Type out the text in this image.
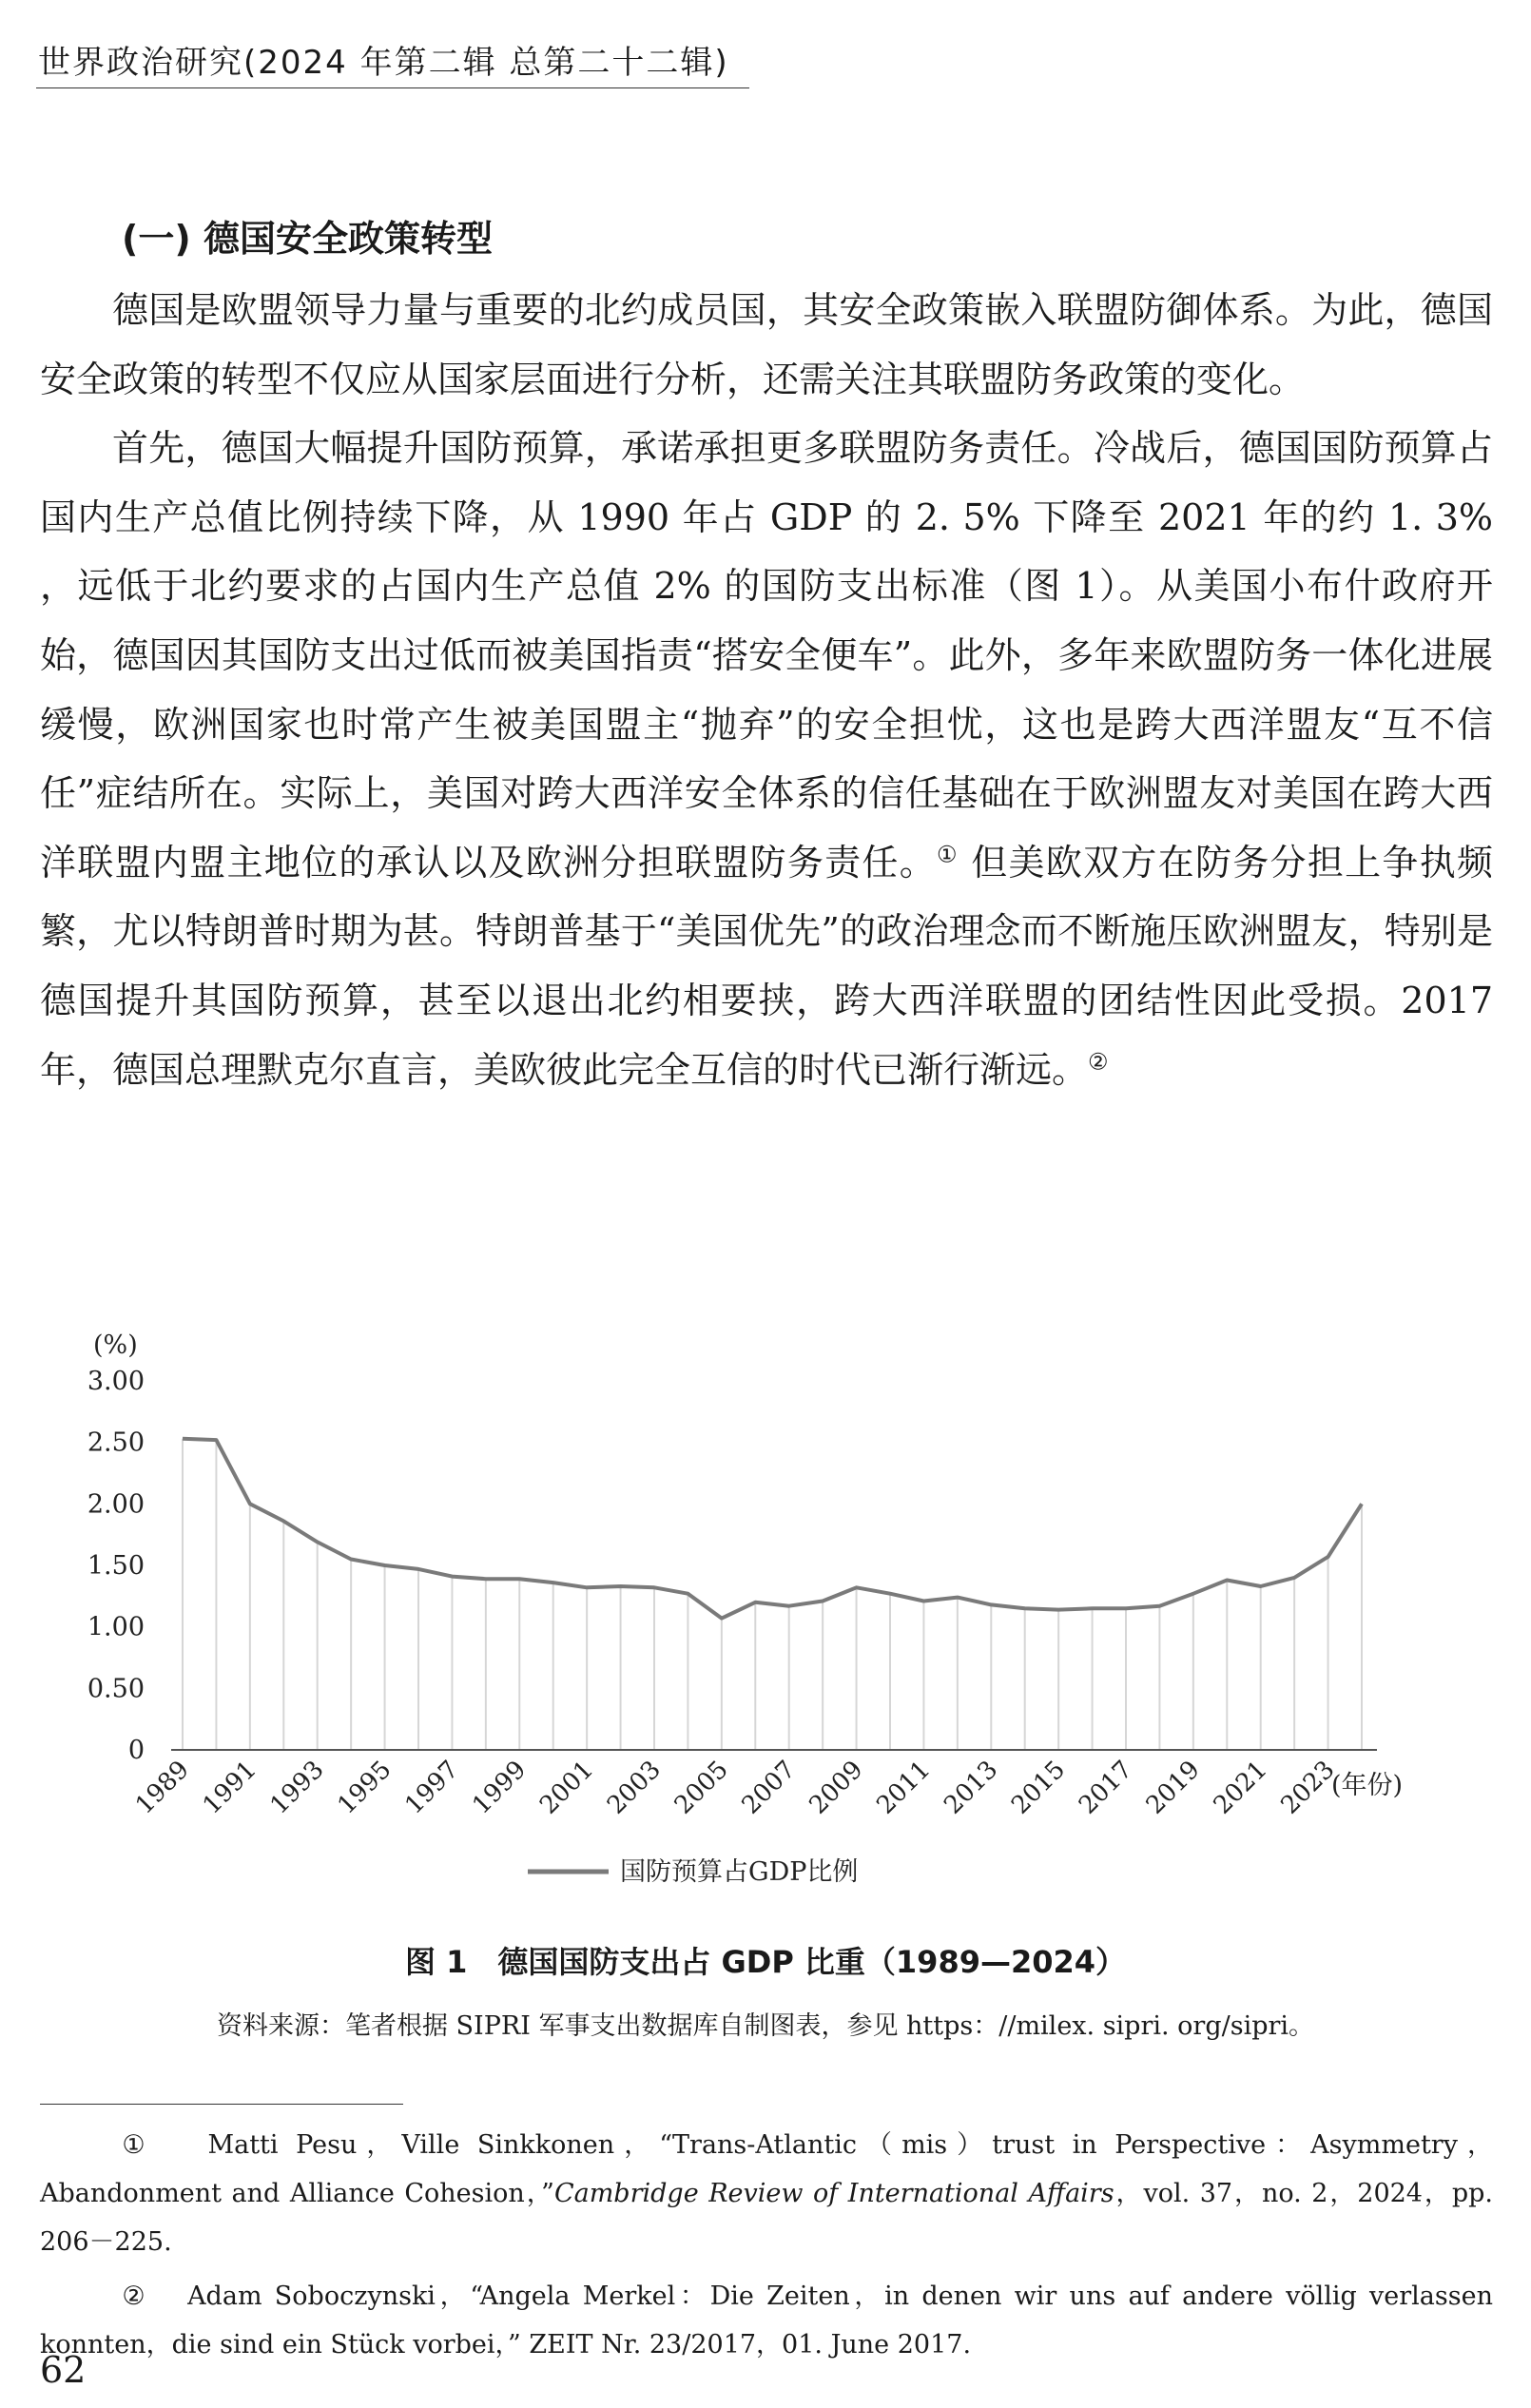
世界政治研究(2024 年第二辑 总第二十二辑)
(一) 德国安全政策转型

德国是欧盟领导力量与重要的北约成员国，其安全政策嵌入联盟防御体系。为此，德国安全政策的转型不仅应从国家层面进行分析，还需关注其联盟防务政策的变化。

首先，德国大幅提升国防预算，承诺承担更多联盟防务责任。冷战后，德国国防预算占国内生产总值比例持续下降，从 1990 年占 GDP 的 2. 5% 下降至 2021 年的约 1. 3% ，远低于北约要求的占国内生产总值 2% 的国防支出标准（图 1）。从美国小布什政府开始，德国因其国防支出过低而被美国指责“搭安全便车”。此外，多年来欧盟防务一体化进展缓慢，欧洲国家也时常产生被美国盟主“抛弃”的安全担忧，这也是跨大西洋盟友“互不信任”症结所在。实际上，美国对跨大西洋安全体系的信任基础在于欧洲盟友对美国在跨大西洋联盟内盟主地位的承认以及欧洲分担联盟防务责任。① 但美欧双方在防务分担上争执频繁，尤以特朗普时期为甚。特朗普基于“美国优先”的政治理念而不断施压欧洲盟友，特别是德国提升其国防预算，甚至以退出北约相要挟，跨大西洋联盟的团结性因此受损。2017 年，德国总理默克尔直言，美欧彼此完全互信的时代已渐行渐远。②

3.00
2.50
2.00
1.50
1.00
0.50
0
(%)
1989 1991 1993 1995 1997 1999 2001 2003 2005 2007 2009 2011 2013 2015 2017 2019 2021 2023
(年份)
国防预算占GDP比例
图 1　德国国防支出占 GDP 比重（1989—2024）
资料来源：笔者根据 SIPRI 军事支出数据库自制图表，参见 https：//milex. sipri. org/sipri。

① Matti Pesu，Ville Sinkkonen，“Trans-Atlantic（mis）trust in Perspective：Asymmetry，Abandonment and Alliance Cohesion，”Cambridge Review of International Affairs，vol. 37，no. 2，2024，pp. 206－225.

② Adam Soboczynski，“Angela Merkel：Die Zeiten，in denen wir uns auf andere völlig verlassen konnten，die sind ein Stück vorbei，” ZEIT Nr. 23/2017，01. June 2017.

62
